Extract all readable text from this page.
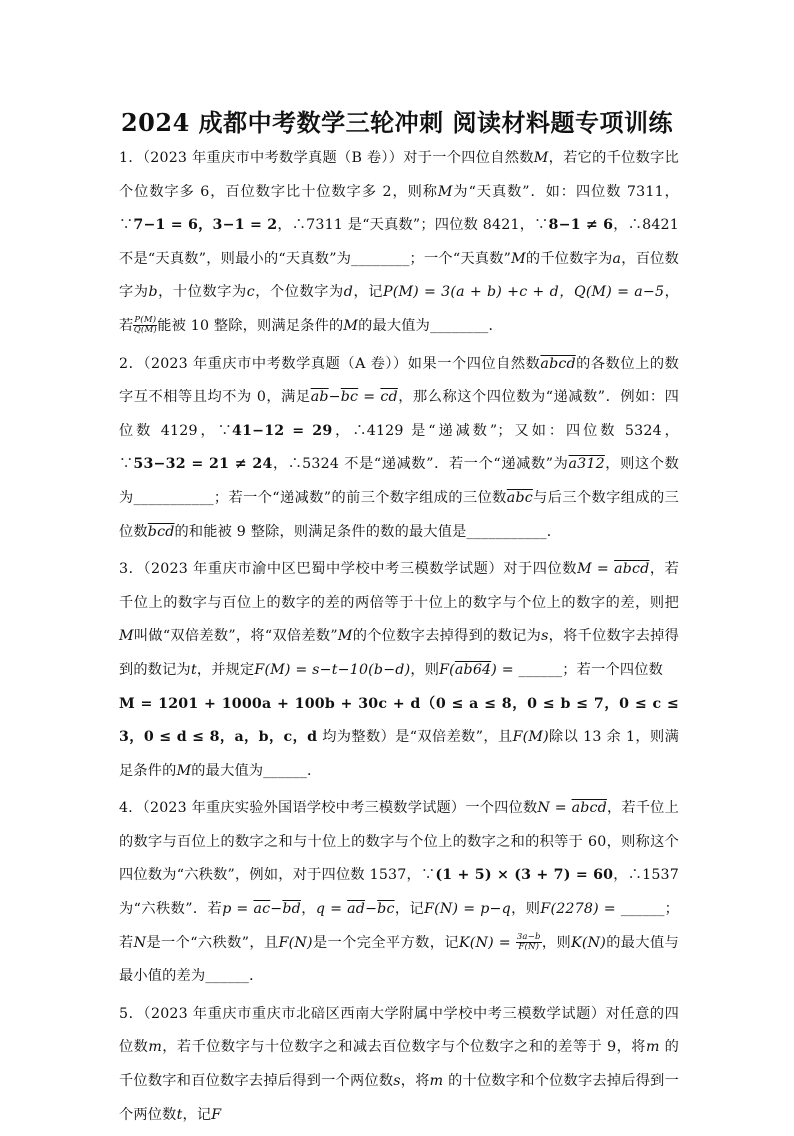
2024 成都中考数学三轮冲刺 阅读材料题专项训练

1．（2023 年重庆市中考数学真题（B 卷））对于一个四位自然数M，若它的千位数字比个位数字多 6，百位数字比十位数字多 2，则称M为“天真数”．如：四位数 7311，∵7−1 = 6，3−1 = 2，∴7311 是“天真数”；四位数 8421，∵8−1 ≠ 6，∴8421 不是“天真数”，则最小的“天真数”为________；一个“天真数”M的千位数字为a，百位数字为b，十位数字为c，个位数字为d，记P(M) = 3(a + b) +c + d，Q(M) = a−5，若 $\frac{P(M)}{Q(M)}$ 能被 10 整除，则满足条件的M的最大值为________．

2．（2023 年重庆市中考数学真题（A 卷））如果一个四位自然数abcd的各数位上的数字互不相等且均不为 0，满足$\overline{ab}-\overline{bc} = \overline{cd}$，那么称这个四位数为“递减数”．例如：四位数 4129，∵41−12 = 29，∴4129 是“递减数”；又如：四位数 5324，∵53−32 = 21 ≠ 24，∴5324 不是“递减数”．若一个“递减数”为a312，则这个数为___________；若一个“递减数”的前三个数字组成的三位数$\overline{abc}$与后三个数字组成的三位数$\overline{bcd}$的和能被 9 整除，则满足条件的数的最大值是___________．

3．（2023 年重庆市渝中区巴蜀中学校中考三模数学试题）对于四位数M = abcd，若千位上的数字与百位上的数字的差的两倍等于十位上的数字与个位上的数字的差，则把M叫做“双倍差数”，将“双倍差数”M的个位数字去掉得到的数记为s，将千位数字去掉得到的数记为t，并规定F(M) = s−t−10(b−d)，则F(ab64) = ______；若一个四位数
M = 1201 + 1000a + 100b + 30c + d（0 ≤ a ≤ 8，0 ≤ b ≤ 7，0 ≤ c ≤ 3，0 ≤ d ≤ 8，a，b，c，d 均为整数）是“双倍差数”，且F(M)除以 13 余 1，则满足条件的M的最大值为______．

4．（2023 年重庆实验外国语学校中考三模数学试题）一个四位数N = abcd，若千位上的数字与百位上的数字之和与十位上的数字与个位上的数字之和的积等于 60，则称这个四位数为“六秩数”，例如，对于四位数 1537，∵(1 + 5) × (3 + 7) = 60，∴1537 为“六秩数”．若$p = \overline{ac}-\overline{bd}$，$q = \overline{ad}-\overline{bc}$，记F(N) = p−q，则F(2278) = ______；若N是一个“六秩数”，且F(N)是一个完全平方数，记$K(N) = \frac{3a-b}{F(N)}$ ，则K(N)的最大值与最小值的差为______．

5．（2023 年重庆市重庆市北碚区西南大学附属中学校中考三模数学试题）对任意的四位数m，若千位数字与十位数字之和减去百位数字与个位数字之和的差等于 9，将m 的千位数字和百位数字去掉后得到一个两位数s，将m 的十位数字和个位数字去掉后得到一个两位数t，记F
